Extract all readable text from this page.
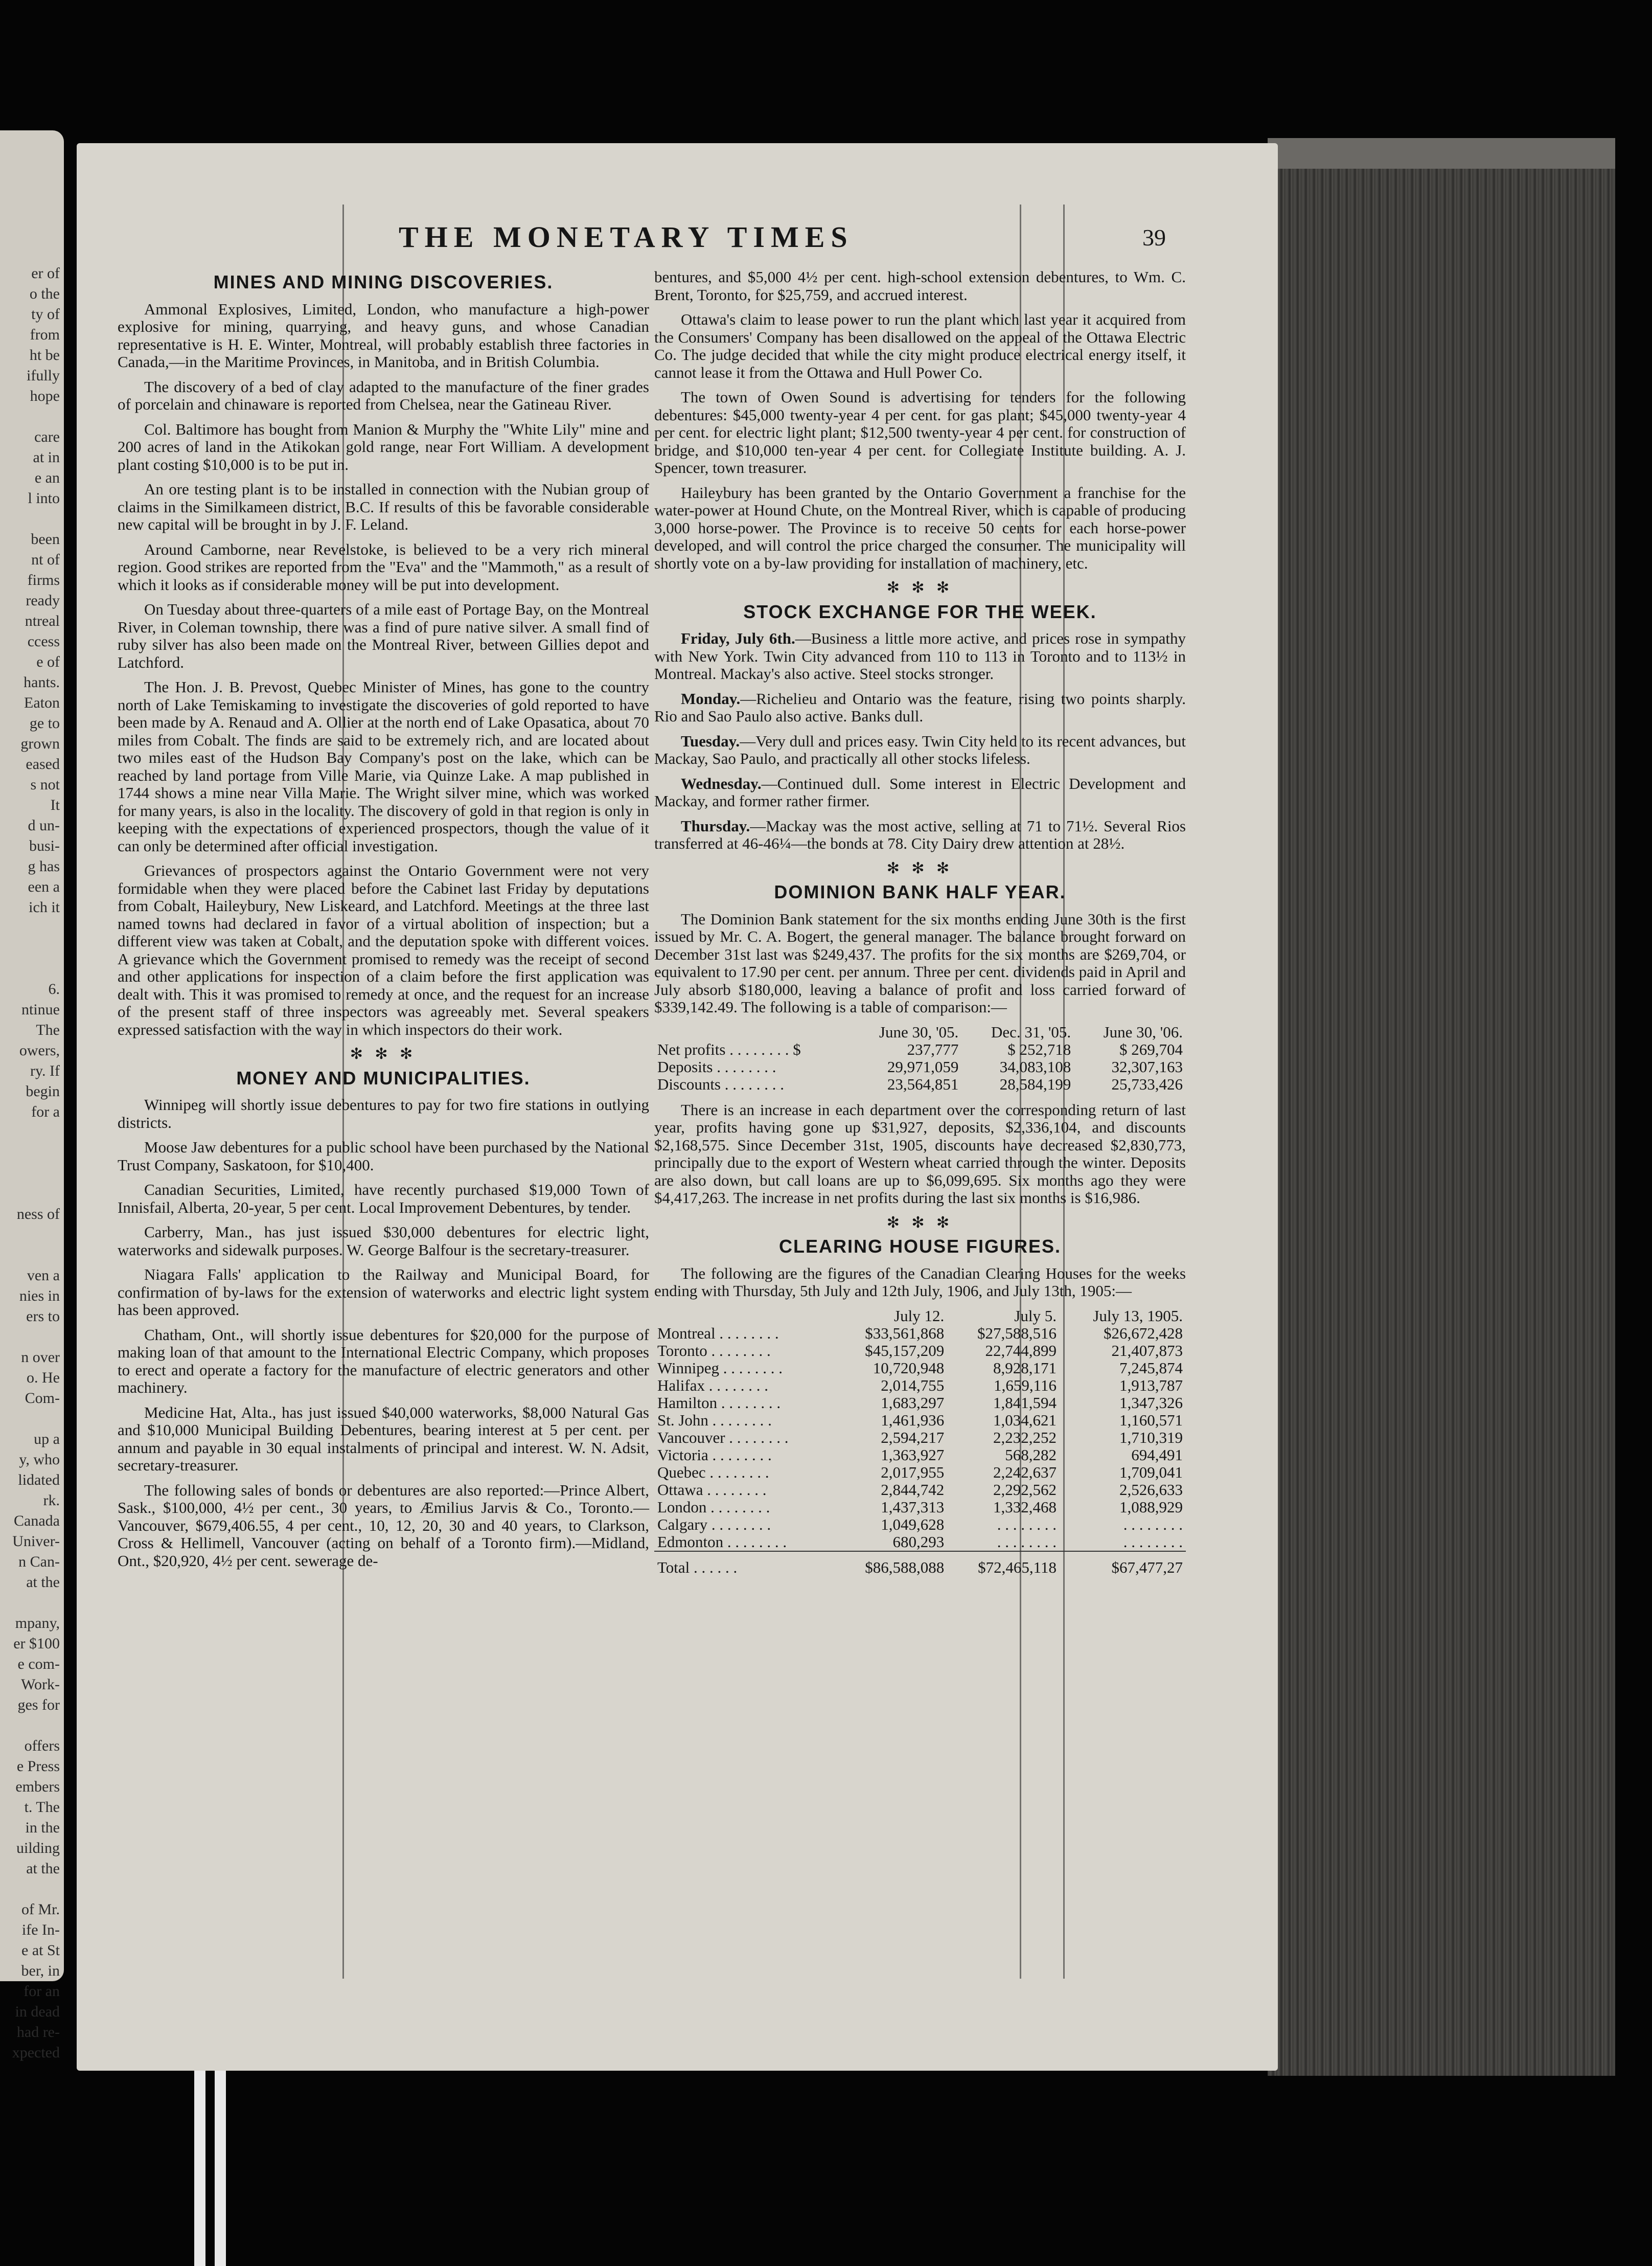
er of
o the
ty of
from
ht be
ifully
hope
care
at in
e an
l into
been
nt of
firms
ready
ntreal
ccess
e of
hants.
Eaton
ge to
grown
eased
s not
It
d un-
busi-
g has
een a
ich it
6.
ntinue
The
owers,
ry. If
begin
for a
ness of
ven a
nies in
ers to
n over
o. He
Com-
up a
y, who
lidated
rk.
Canada
Univer-
n Can-
at the
mpany,
er $100
e com-
Work-
ges for
offers
e Press
embers
t. The
in the
uilding
at the
of Mr.
ife In-
e at St
ber, in
for an
in dead
had re-
xpected
THE MONETARY TIMES	39
MINES AND MINING DISCOVERIES.

Ammonal Explosives, Limited, London, who manufacture a high-power explosive for mining, quarrying, and heavy guns, and whose Canadian representative is H. E. Winter, Montreal, will probably establish three factories in Canada,—in the Maritime Provinces, in Manitoba, and in British Columbia.

The discovery of a bed of clay adapted to the manufacture of the finer grades of porcelain and chinaware is reported from Chelsea, near the Gatineau River.

Col. Baltimore has bought from Manion & Murphy the "White Lily" mine and 200 acres of land in the Atikokan gold range, near Fort William. A development plant costing $10,000 is to be put in.

An ore testing plant is to be installed in connection with the Nubian group of claims in the Similkameen district, B.C. If results of this be favorable considerable new capital will be brought in by J. F. Leland.

Around Camborne, near Revelstoke, is believed to be a very rich mineral region. Good strikes are reported from the "Eva" and the "Mammoth," as a result of which it looks as if considerable money will be put into development.

On Tuesday about three-quarters of a mile east of Portage Bay, on the Montreal River, in Coleman township, there was a find of pure native silver. A small find of ruby silver has also been made on the Montreal River, between Gillies depot and Latchford.

The Hon. J. B. Prevost, Quebec Minister of Mines, has gone to the country north of Lake Temiskaming to investigate the discoveries of gold reported to have been made by A. Renaud and A. Ollier at the north end of Lake Opasatica, about 70 miles from Cobalt. The finds are said to be extremely rich, and are located about two miles east of the Hudson Bay Company's post on the lake, which can be reached by land portage from Ville Marie, via Quinze Lake. A map published in 1744 shows a mine near Villa Marie. The Wright silver mine, which was worked for many years, is also in the locality. The discovery of gold in that region is only in keeping with the expectations of experienced prospectors, though the value of it can only be determined after official investigation.

Grievances of prospectors against the Ontario Government were not very formidable when they were placed before the Cabinet last Friday by deputations from Cobalt, Haileybury, New Liskeard, and Latchford. Meetings at the three last named towns had declared in favor of a virtual abolition of inspection; but a different view was taken at Cobalt, and the deputation spoke with different voices. A grievance which the Government promised to remedy was the receipt of second and other applications for inspection of a claim before the first application was dealt with. This it was promised to remedy at once, and the request for an increase of the present staff of three inspectors was agreeably met. Several speakers expressed satisfaction with the way in which inspectors do their work.

✻ ✻ ✻
MONEY AND MUNICIPALITIES.

Winnipeg will shortly issue debentures to pay for two fire stations in outlying districts.

Moose Jaw debentures for a public school have been purchased by the National Trust Company, Saskatoon, for $10,400.

Canadian Securities, Limited, have recently purchased $19,000 Town of Innisfail, Alberta, 20-year, 5 per cent. Local Improvement Debentures, by tender.

Carberry, Man., has just issued $30,000 debentures for electric light, waterworks and sidewalk purposes. W. George Balfour is the secretary-treasurer.

Niagara Falls' application to the Railway and Municipal Board, for confirmation of by-laws for the extension of waterworks and electric light system has been approved.

Chatham, Ont., will shortly issue debentures for $20,000 for the purpose of making loan of that amount to the International Electric Company, which proposes to erect and operate a factory for the manufacture of electric generators and other machinery.

Medicine Hat, Alta., has just issued $40,000 waterworks, $8,000 Natural Gas and $10,000 Municipal Building Debentures, bearing interest at 5 per cent. per annum and payable in 30 equal instalments of principal and interest. W. N. Adsit, secretary-treasurer.

The following sales of bonds or debentures are also reported:—Prince Albert, Sask., $100,000, 4½ per cent., 30 years, to Æmilius Jarvis & Co., Toronto.—Vancouver, $679,406.55, 4 per cent., 10, 12, 20, 30 and 40 years, to Clarkson, Cross & Hellimell, Vancouver (acting on behalf of a Toronto firm).—Midland, Ont., $20,920, 4½ per cent. sewerage de-

bentures, and $5,000 4½ per cent. high-school extension debentures, to Wm. C. Brent, Toronto, for $25,759, and accrued interest.

Ottawa's claim to lease power to run the plant which last year it acquired from the Consumers' Company has been disallowed on the appeal of the Ottawa Electric Co. The judge decided that while the city might produce electrical energy itself, it cannot lease it from the Ottawa and Hull Power Co.

The town of Owen Sound is advertising for tenders for the following debentures: $45,000 twenty-year 4 per cent. for gas plant; $45,000 twenty-year 4 per cent. for electric light plant; $12,500 twenty-year 4 per cent. for construction of bridge, and $10,000 ten-year 4 per cent. for Collegiate Institute building. A. J. Spencer, town treasurer.

Haileybury has been granted by the Ontario Government a franchise for the water-power at Hound Chute, on the Montreal River, which is capable of producing 3,000 horse-power. The Province is to receive 50 cents for each horse-power developed, and will control the price charged the consumer. The municipality will shortly vote on a by-law providing for installation of machinery, etc.

✻ ✻ ✻
STOCK EXCHANGE FOR THE WEEK.

Friday, July 6th.—Business a little more active, and prices rose in sympathy with New York. Twin City advanced from 110 to 113 in Toronto and to 113½ in Montreal. Mackay's also active. Steel stocks stronger.

Monday.—Richelieu and Ontario was the feature, rising two points sharply. Rio and Sao Paulo also active. Banks dull.

Tuesday.—Very dull and prices easy. Twin City held to its recent advances, but Mackay, Sao Paulo, and practically all other stocks lifeless.

Wednesday.—Continued dull. Some interest in Electric Development and Mackay, and former rather firmer.

Thursday.—Mackay was the most active, selling at 71 to 71½. Several Rios transferred at 46-46¼—the bonds at 78. City Dairy drew attention at 28½.

✻ ✻ ✻
DOMINION BANK HALF YEAR.

The Dominion Bank statement for the six months ending June 30th is the first issued by Mr. C. A. Bogert, the general manager. The balance brought forward on December 31st last was $249,437. The profits for the six months are $269,704, or equivalent to 17.90 per cent. per annum. Three per cent. dividends paid in April and July absorb $180,000, leaving a balance of profit and loss carried forward of $339,142.49. The following is a table of comparison:—

	June 30, '05.	Dec. 31, '05.	June 30, '06.
Net profits . . . . . . . . $	237,777	$ 252,718	$ 269,704
Deposits . . . . . . . .	29,971,059	34,083,108	32,307,163
Discounts . . . . . . . .	23,564,851	28,584,199	25,733,426

There is an increase in each department over the corresponding return of last year, profits having gone up $31,927, deposits, $2,336,104, and discounts $2,168,575. Since December 31st, 1905, discounts have decreased $2,830,773, principally due to the export of Western wheat carried through the winter. Deposits are also down, but call loans are up to $6,099,695. Six months ago they were $4,417,263. The increase in net profits during the last six months is $16,986.

✻ ✻ ✻
CLEARING HOUSE FIGURES.

The following are the figures of the Canadian Clearing Houses for the weeks ending with Thursday, 5th July and 12th July, 1906, and July 13th, 1905:—

	July 12.	July 5.	July 13, 1905.
Montreal . . . . . . . .	$33,561,868	$27,588,516	$26,672,428
Toronto . . . . . . . .	$45,157,209	22,744,899	21,407,873
Winnipeg . . . . . . . .	10,720,948	8,928,171	7,245,874
Halifax . . . . . . . .	2,014,755	1,659,116	1,913,787
Hamilton . . . . . . . .	1,683,297	1,841,594	1,347,326
St. John . . . . . . . .	1,461,936	1,034,621	1,160,571
Vancouver . . . . . . . .	2,594,217	2,232,252	1,710,319
Victoria . . . . . . . .	1,363,927	568,282	694,491
Quebec . . . . . . . .	2,017,955	2,242,637	1,709,041
Ottawa . . . . . . . .	2,844,742	2,292,562	2,526,633
London . . . . . . . .	1,437,313	1,332,468	1,088,929
Calgary . . . . . . . .	1,049,628	. . . . . . . .	. . . . . . . .
Edmonton . . . . . . . .	680,293	. . . . . . . .	. . . . . . . .
Total . . . . . .	$86,588,088	$72,465,118	$67,477,27
